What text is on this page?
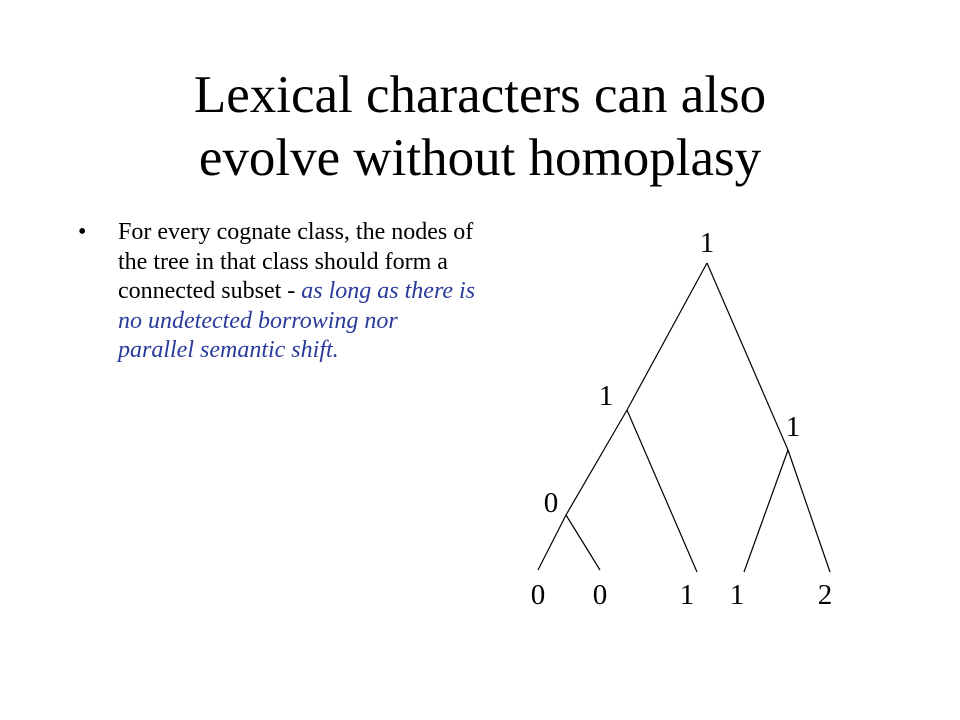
Lexical characters can also
evolve without homoplasy
• For every cognate class, the nodes of the tree in that class should form a connected subset - as long as there is no undetected borrowing nor parallel semantic shift.
1
1
1
0
0 0	1 1	2
